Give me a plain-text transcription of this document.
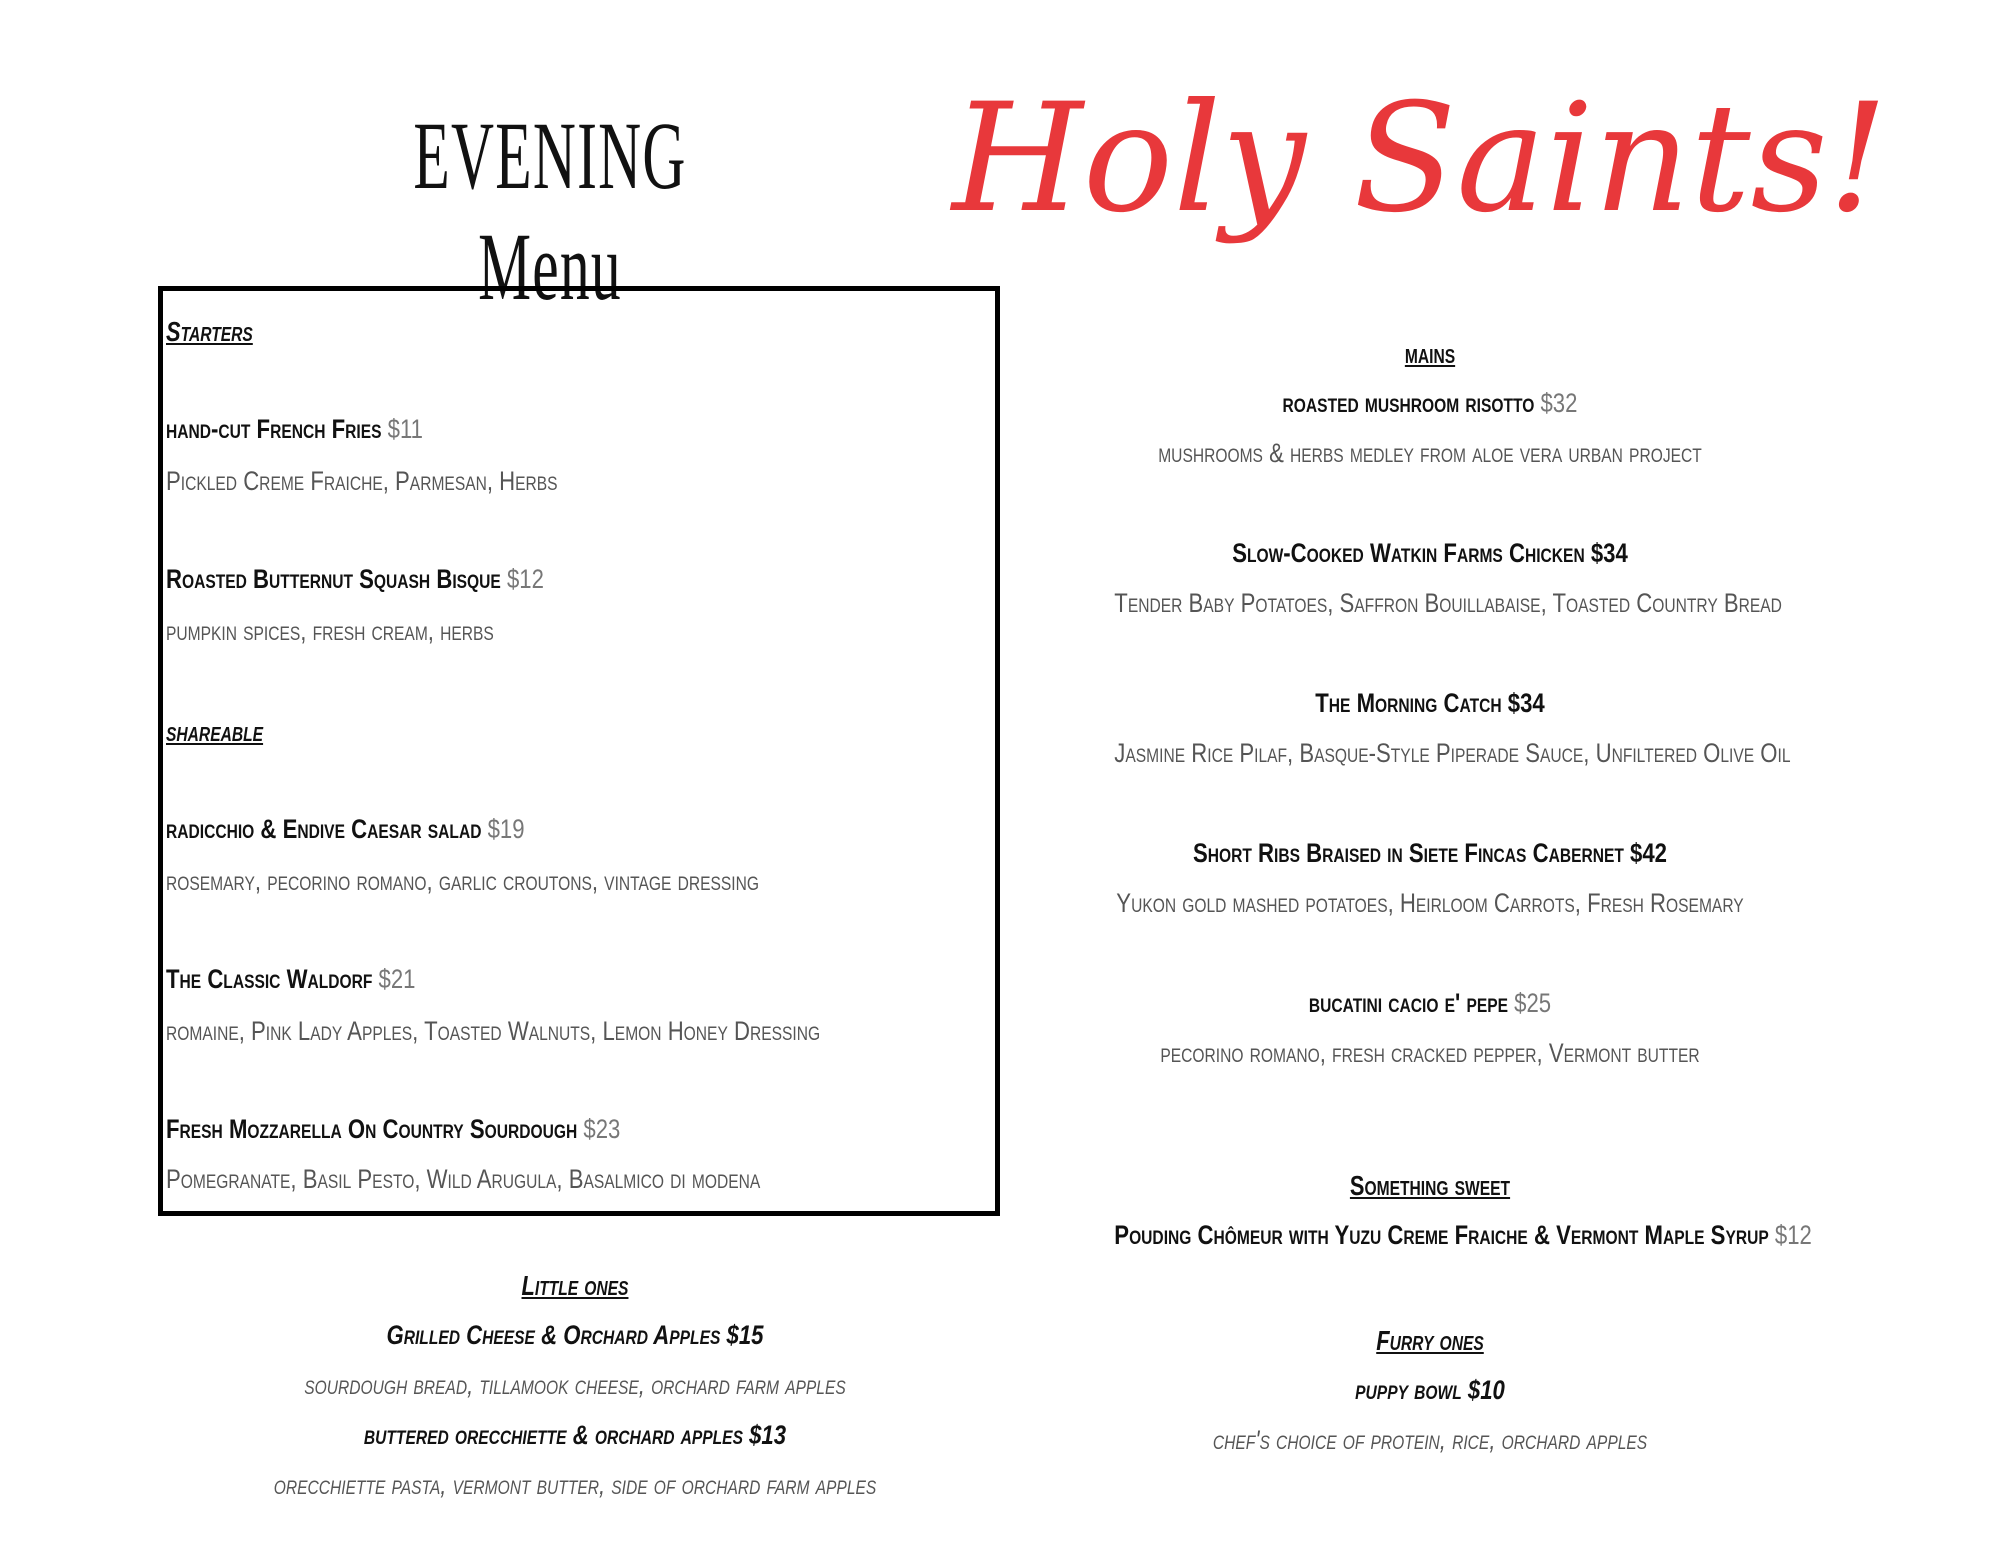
EVENING Menu
Holy Saints!
Starters
hand-cut French Fries $11
Pickled Creme Fraiche, Parmesan, Herbs
Roasted Butternut Squash Bisque $12
pumpkin spices, fresh cream, herbs
shareable
radicchio & Endive Caesar salad $19
rosemary, pecorino romano, garlic croutons, vintage dressing
The Classic Waldorf $21
romaine, Pink Lady Apples, Toasted Walnuts, Lemon Honey Dressing
Fresh Mozzarella On Country Sourdough $23
Pomegranate, Basil Pesto, Wild Arugula, Basalmico di modena
Little ones
Grilled Cheese & Orchard Apples $15
sourdough bread, tillamook cheese, orchard farm apples
buttered orecchiette & orchard apples $13
orecchiette pasta, vermont butter, side of orchard farm apples
mains
roasted mushroom risotto $32
mushrooms & herbs medley from aloe vera urban project
Slow-Cooked Watkin Farms Chicken $34
Tender Baby Potatoes, Saffron Bouillabaise, Toasted Country Bread
The Morning Catch $34
Jasmine Rice Pilaf, Basque-Style Piperade Sauce, Unfiltered Olive Oil
Short Ribs Braised in Siete Fincas Cabernet $42
Yukon gold mashed potatoes, Heirloom Carrots, Fresh Rosemary
bucatini cacio e' pepe $25
pecorino romano, fresh cracked pepper, Vermont butter
Something sweet
Pouding Chômeur with Yuzu Creme Fraiche & Vermont Maple Syrup $12
Furry ones
puppy bowl $10
chef's choice of protein, rice, orchard apples
